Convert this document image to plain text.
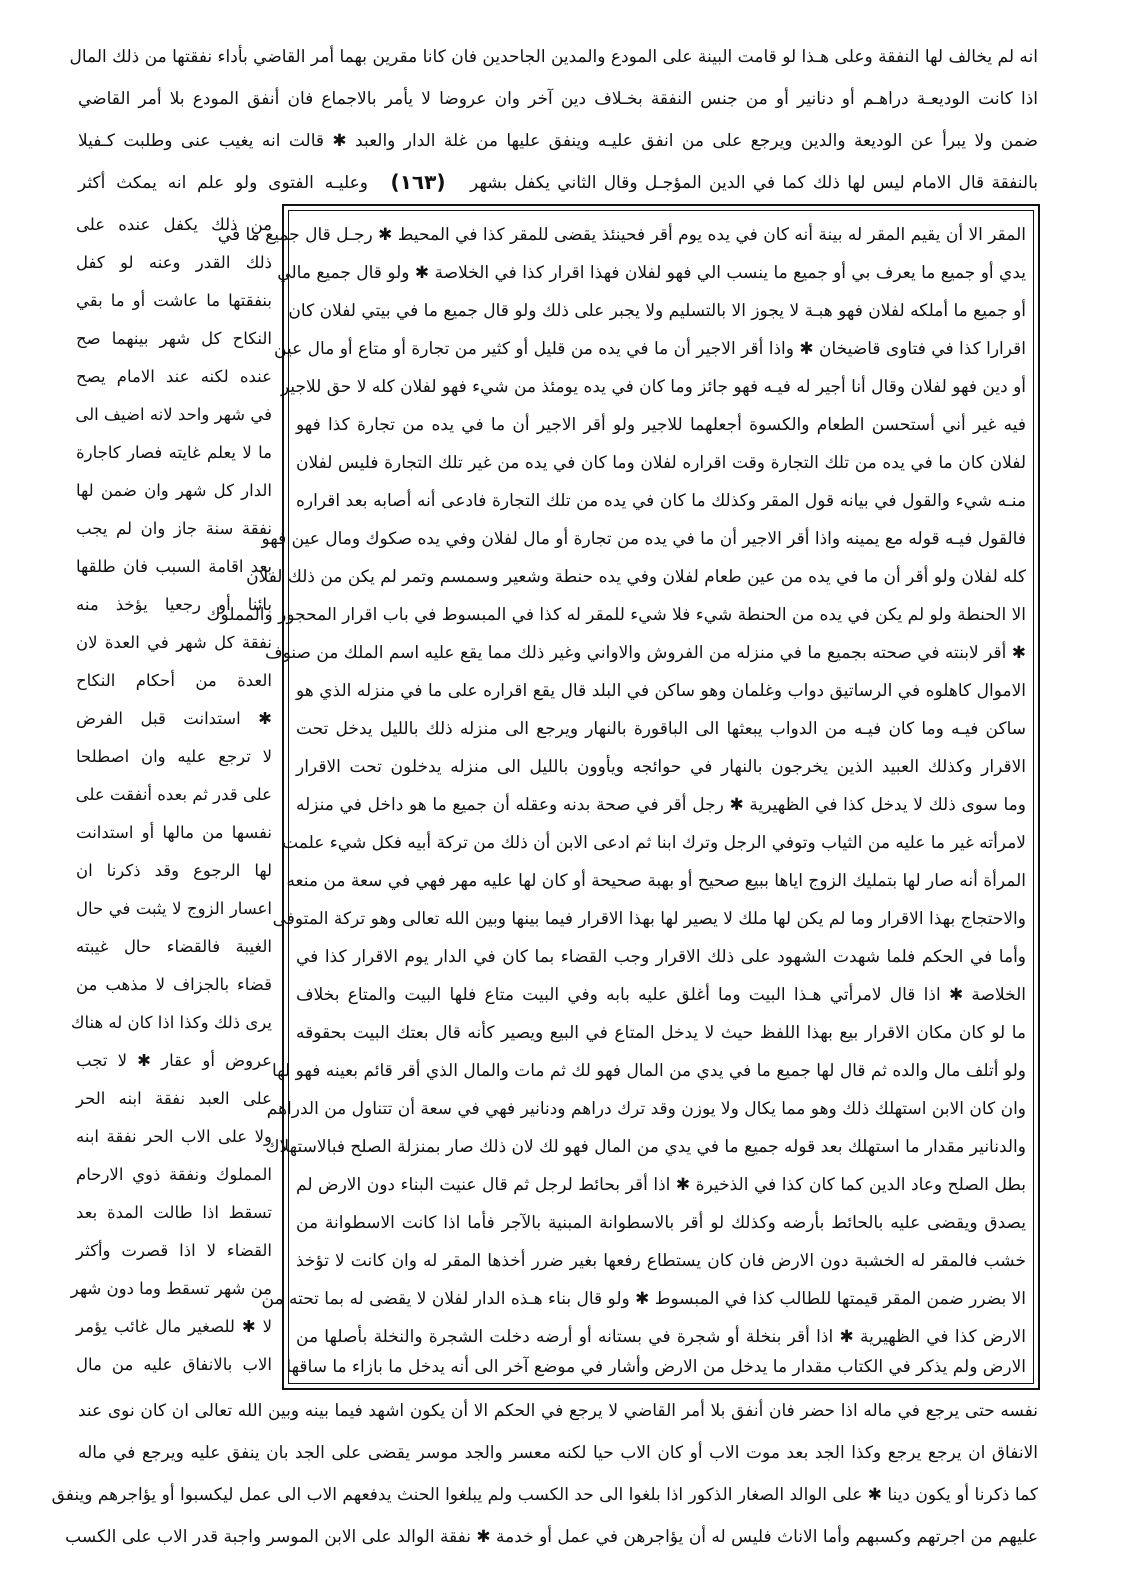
انه لم يخالف لها النفقة وعلى هـذا لو قامت البينة على المودع والمدين الجاحدين فان كانا مقرين بهما أمر القاضي بأداء نفقتها من ذلك المال
اذا كانت الوديعـة دراهـم أو دنانير أو من جنس النفقة بخـلاف دين آخر وان عروضا لا يأمر بالاجماع فان أنفق المودع بلا أمر القاضي
ضمن ولا يبرأ عن الوديعة والدين ويرجع على من انفق عليـه وينفق عليها من غلة الدار والعبد ✱ قالت انه يغيب عنى وطلبت كـفيلا
بالنفقة قال الامام ليس لها ذلك كما في الدين المؤجـل وقال الثاني يكفل بشهر
(١٦٣)
وعليـه الفتوى ولو علم انه يمكث أكثر
المقر الا أن يقيم المقر له بينة أنه كان في يده يوم أقر فحينئذ يقضى للمقر كذا في المحيط ✱ رجـل قال جميع ما في
يدي أو جميع ما يعرف بي أو جميع ما ينسب الي فهو لفلان فهذا اقرار كذا في الخلاصة ✱ ولو قال جميع مالي
أو جميع ما أملكه لفلان فهو هبـة لا يجوز الا بالتسليم ولا يجبر على ذلك ولو قال جميع ما في بيتي لفلان كان
اقرارا كذا في فتاوى قاضيخان ✱ واذا أقر الاجير أن ما في يده من قليل أو كثير من تجارة أو متاع أو مال عين
أو دين فهو لفلان وقال أنا أجير له فيـه فهو جائز وما كان في يده يومئذ من شيء فهو لفلان كله لا حق للاجير
فيه غير أني أستحسن الطعام والكسوة أجعلهما للاجير ولو أقر الاجير أن ما في يده من تجارة كذا فهو
لفلان كان ما في يده من تلك التجارة وقت اقراره لفلان وما كان في يده من غير تلك التجارة فليس لفلان
منـه شيء والقول في بيانه قول المقر وكذلك ما كان في يده من تلك التجارة فادعى أنه أصابه بعد اقراره
فالقول فيـه قوله مع يمينه واذا أقر الاجير أن ما في يده من تجارة أو مال لفلان وفي يده صكوك ومال عين فهو
كله لفلان ولو أقر أن ما في يده من عين طعام لفلان وفي يده حنطة وشعير وسمسم وتمر لم يكن من ذلك لفلان
الا الحنطة ولو لم يكن في يده من الحنطة شيء فلا شيء للمقر له كذا في المبسوط في باب اقرار المحجور والمملوك
✱ أقر لابنته في صحته بجميع ما في منزله من الفروش والاواني وغير ذلك مما يقع عليه اسم الملك من صنوف
الاموال كاهلوه في الرساتيق دواب وغلمان وهو ساكن في البلد قال يقع اقراره على ما في منزله الذي هو
ساكن فيـه وما كان فيـه من الدواب يبعثها الى الباقورة بالنهار ويرجع الى منزله ذلك بالليل يدخل تحت
الاقرار وكذلك العبيد الذين يخرجون بالنهار في حوائجه ويأوون بالليل الى منزله يدخلون تحت الاقرار
وما سوى ذلك لا يدخل كذا في الظهيرية ✱ رجل أقر في صحة بدنه وعقله أن جميع ما هو داخل في منزله
لامرأته غير ما عليه من الثياب وتوفي الرجل وترك ابنا ثم ادعى الابن أن ذلك من تركة أبيه فكل شيء علمت
المرأة أنه صار لها بتمليك الزوج اياها ببيع صحيح أو بهبة صحيحة أو كان لها عليه مهر فهي في سعة من منعه
والاحتجاج بهذا الاقرار وما لم يكن لها ملك لا يصير لها بهذا الاقرار فيما بينها وبين الله تعالى وهو تركة المتوفى
وأما في الحكم فلما شهدت الشهود على ذلك الاقرار وجب القضاء بما كان في الدار يوم الاقرار كذا في
الخلاصة ✱ اذا قال لامرأتي هـذا البيت وما أغلق عليه بابه وفي البيت متاع فلها البيت والمتاع بخلاف
ما لو كان مكان الاقرار بيع بهذا اللفظ حيث لا يدخل المتاع في البيع ويصير كأنه قال بعتك البيت بحقوقه
ولو أتلف مال والده ثم قال لها جميع ما في يدي من المال فهو لك ثم مات والمال الذي أقر قائم بعينه فهو لها
وان كان الابن استهلك ذلك وهو مما يكال ولا يوزن وقد ترك دراهم ودنانير فهي في سعة أن تتناول من الدراهم
والدنانير مقدار ما استهلك بعد قوله جميع ما في يدي من المال فهو لك لان ذلك صار بمنزلة الصلح فبالاستهلاك
بطل الصلح وعاد الدين كما كان كذا في الذخيرة ✱ اذا أقر بحائط لرجل ثم قال عنيت البناء دون الارض لم
يصدق ويقضى عليه بالحائط بأرضه وكذلك لو أقر بالاسطوانة المبنية بالآجر فأما اذا كانت الاسطوانة من
خشب فالمقر له الخشبة دون الارض فان كان يستطاع رفعها بغير ضرر أخذها المقر له وان كانت لا تؤخذ
الا بضرر ضمن المقر قيمتها للطالب كذا في المبسوط ✱ ولو قال بناء هـذه الدار لفلان لا يقضى له بما تحته من
الارض كذا في الظهيرية ✱ اذا أقر بنخلة أو شجرة في بستانه أو أرضه دخلت الشجرة والنخلة بأصلها من
الارض ولم يذكر في الكتاب مقدار ما يدخل من الارض وأشار في موضع آخر الى أنه يدخل ما بازاء ما ساقها
من ذلك يكفل عنده على
ذلك القدر وعنه لو كفل
بنفقتها ما عاشت أو ما بقي
النكاح كل شهر بينهما صح
عنده لكنه عند الامام يصح
في شهر واحد لانه اضيف الى
ما لا يعلم غايته فصار كاجارة
الدار كل شهر وان ضمن لها
نفقة سنة جاز وان لم يجب
بعد اقامة السبب فان طلقها
بائنا أو رجعيا يؤخذ منه
نفقة كل شهر في العدة لان
العدة من أحكام النكاح
✱ استدانت قبل الفرض
لا ترجع عليه وان اصطلحا
على قدر ثم بعده أنفقت على
نفسها من مالها أو استدانت
لها الرجوع وقد ذكرنا ان
اعسار الزوج لا يثبت في حال
الغيبة فالقضاء حال غيبته
قضاء بالجزاف لا مذهب من
يرى ذلك وكذا اذا كان له هناك
عروض أو عقار ✱ لا تجب
على العبد نفقة ابنه الحر
ولا على الاب الحر نفقة ابنه
المملوك ونفقة ذوي الارحام
تسقط اذا طالت المدة بعد
القضاء لا اذا قصرت وأكثر
من شهر تسقط وما دون شهر
لا ✱ للصغير مال غائب يؤمر
الاب بالانفاق عليه من مال
نفسه حتى يرجع في ماله اذا حضر فان أنفق بلا أمر القاضي لا يرجع في الحكم الا أن يكون اشهد فيما بينه وبين الله تعالى ان كان نوى عند
الانفاق ان يرجع يرجع وكذا الجد بعد موت الاب أو كان الاب حيا لكنه معسر والجد موسر يقضى على الجد بان ينفق عليه ويرجع في ماله
كما ذكرنا أو يكون دينا ✱ على الوالد الصغار الذكور اذا بلغوا الى حد الكسب ولم يبلغوا الحنث يدفعهم الاب الى عمل ليكسبوا أو يؤاجرهم وينفق
عليهم من اجرتهم وكسبهم وأما الاناث فليس له أن يؤاجرهن في عمل أو خدمة ✱ نفقة الوالد على الابن الموسر واجبة قدر الاب على الكسب
